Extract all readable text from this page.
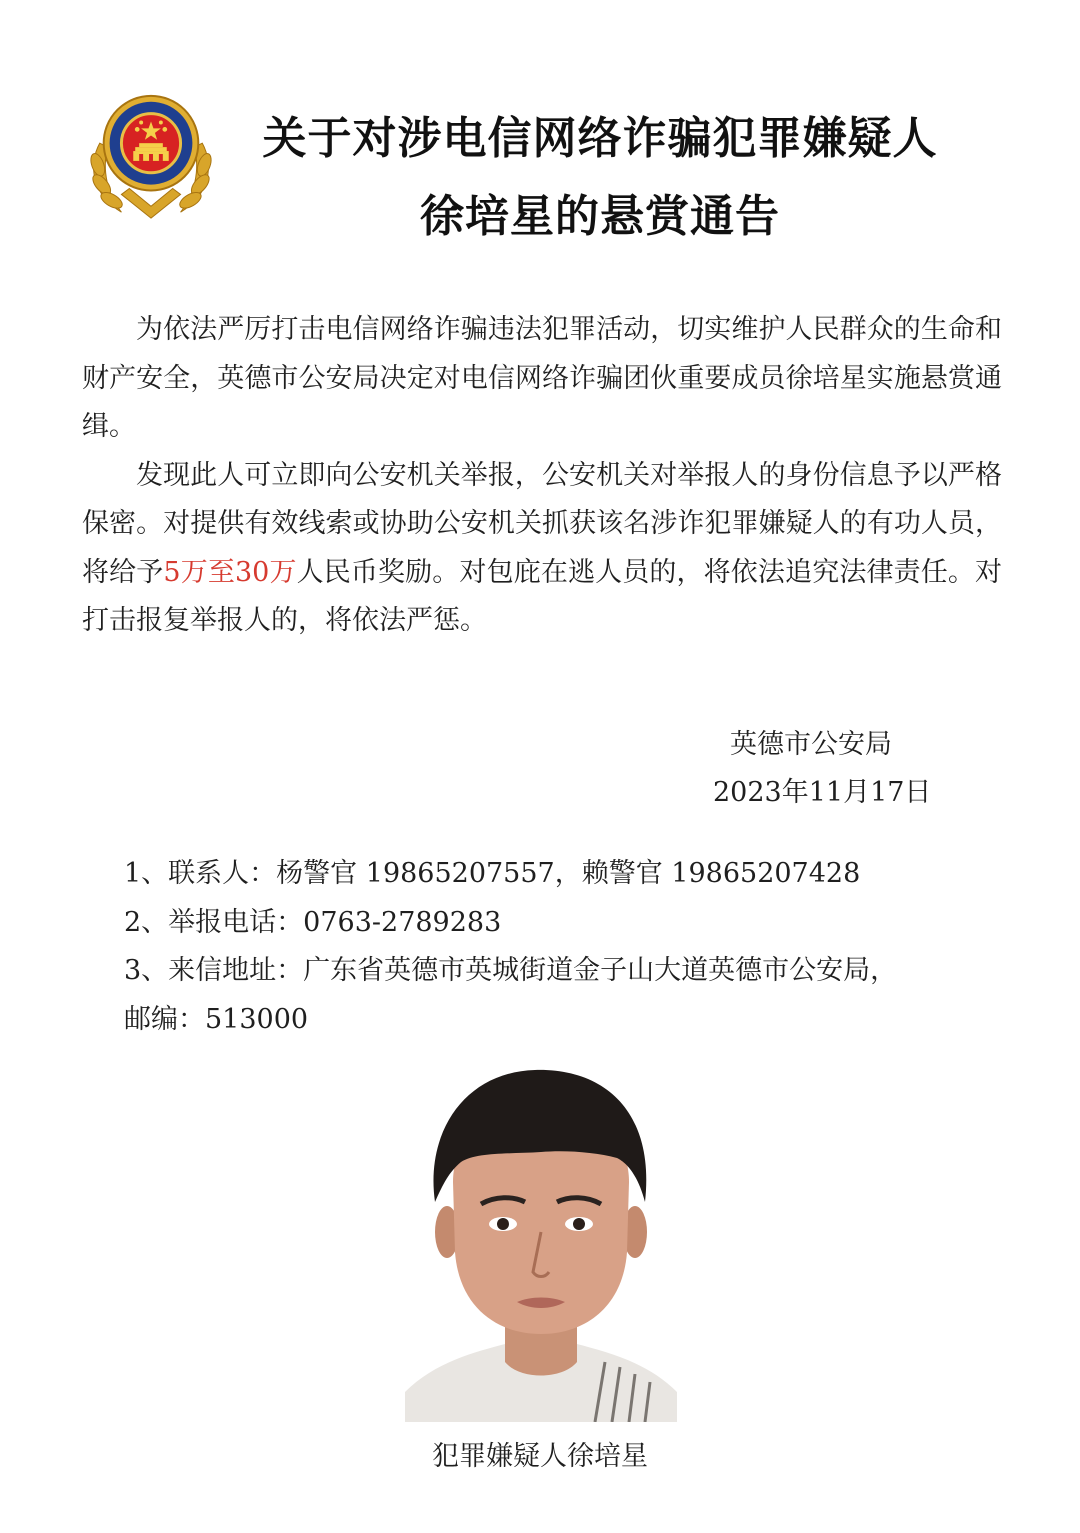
关于对涉电信网络诈骗犯罪嫌疑人
徐培星的悬赏通告

为依法严厉打击电信网络诈骗违法犯罪活动，切实维护人民群众的生命和财产安全，英德市公安局决定对电信网络诈骗团伙重要成员徐培星实施悬赏通缉。

发现此人可立即向公安机关举报，公安机关对举报人的身份信息予以严格保密。对提供有效线索或协助公安机关抓获该名涉诈犯罪嫌疑人的有功人员，将给予5万至30万人民币奖励。对包庇在逃人员的，将依法追究法律责任。对打击报复举报人的，将依法严惩。

英德市公安局
2023年11月17日
1、联系人：杨警官 19865207557，赖警官 19865207428
2、举报电话：0763-2789283
3、来信地址：广东省英德市英城街道金子山大道英德市公安局，
邮编：513000
犯罪嫌疑人徐培星
